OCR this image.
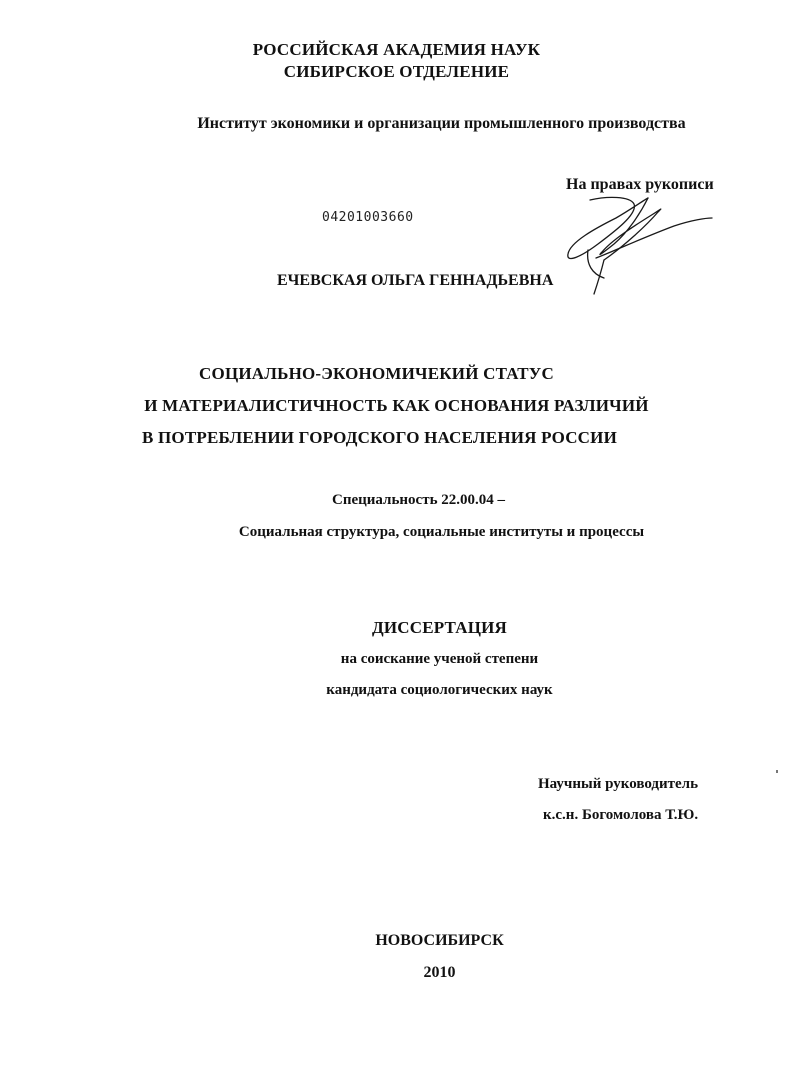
РОССИЙСКАЯ АКАДЕМИЯ НАУК
СИБИРСКОЕ ОТДЕЛЕНИЕ
Институт экономики и организации промышленного производства
На правах рукописи
04201003660
ЕЧЕВСКАЯ ОЛЬГА ГЕННАДЬЕВНА
СОЦИАЛЬНО-ЭКОНОМИЧЕКИЙ СТАТУС
И МАТЕРИАЛИСТИЧНОСТЬ КАК ОСНОВАНИЯ РАЗЛИЧИЙ
В ПОТРЕБЛЕНИИ ГОРОДСКОГО НАСЕЛЕНИЯ РОССИИ
Специальность 22.00.04 –
Социальная структура, социальные институты и процессы
ДИССЕРТАЦИЯ
на соискание ученой степени
кандидата социологических наук
Научный руководитель
к.с.н. Богомолова Т.Ю.
НОВОСИБИРСК
2010
